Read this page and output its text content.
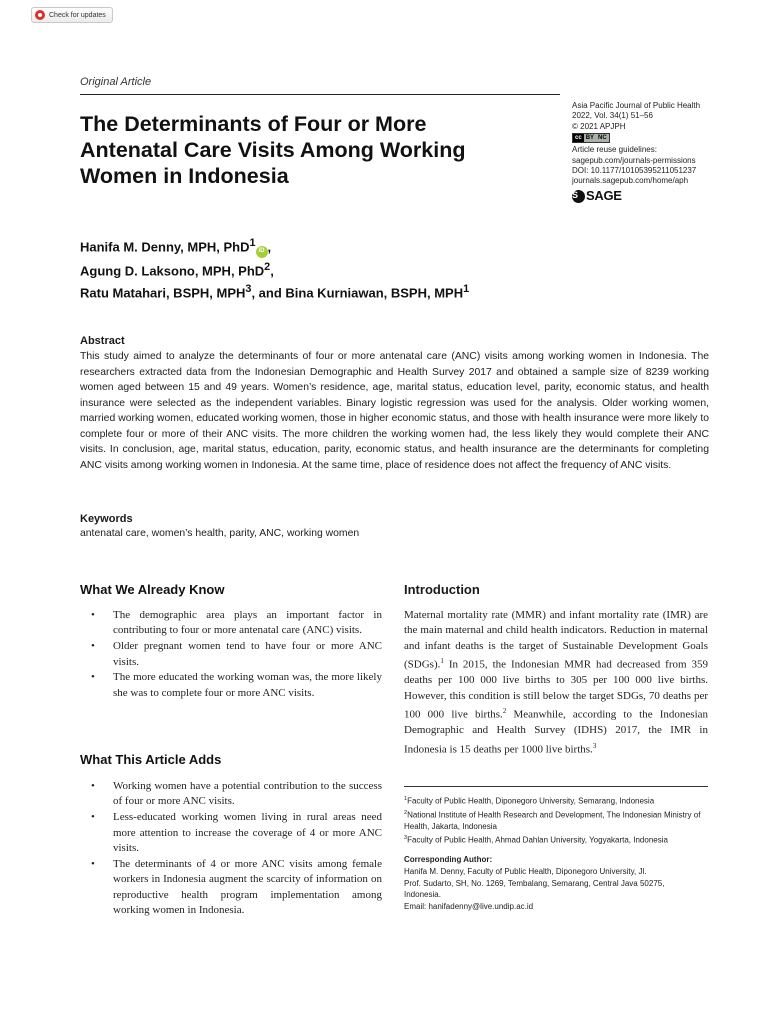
Check for updates
Original Article
The Determinants of Four or More
Antenatal Care Visits Among Working
Women in Indonesia
Asia Pacific Journal of Public Health
2022, Vol. 34(1) 51–56
© 2021 APJPH
cc BY NC
Article reuse guidelines:
sagepub.com/journals-permissions
DOI: 10.1177/10105395211051237
journals.sagepub.com/home/aph
S SAGE
Hanifa M. Denny, MPH, PhD$^1$iD ,
Agung D. Laksono, MPH, PhD$^2$,
Ratu Matahari, BSPH, MPH$^3$, and Bina Kurniawan, BSPH, MPH$^1$
Abstract

This study aimed to analyze the determinants of four or more antenatal care (ANC) visits among working women in Indonesia. The researchers extracted data from the Indonesian Demographic and Health Survey 2017 and obtained a sample size of 8239 working women aged between 15 and 49 years. Women’s residence, age, marital status, education level, parity, economic status, and health insurance were selected as the independent variables. Binary logistic regression was used for the analysis. Older working women, married working women, educated working women, those in higher economic status, and those with health insurance were more likely to complete four or more of their ANC visits. The more children the working women had, the less likely they would complete their ANC visits. In conclusion, age, marital status, education, parity, economic status, and health insurance are the determinants for completing ANC visits among working women in Indonesia. At the same time, place of residence does not affect the frequency of ANC visits.

Keywords

antenatal care, women’s health, parity, ANC, working women

What We Already Know
• The demographic area plays an important factor in contributing to four or more antenatal care (ANC) visits.
• Older pregnant women tend to have four or more ANC visits.
• The more educated the working woman was, the more likely she was to complete four or more ANC visits.
What This Article Adds
• Working women have a potential contribution to the success of four or more ANC visits.
• Less-educated working women living in rural areas need more attention to increase the coverage of 4 or more ANC visits.
• The determinants of 4 or more ANC visits among female workers in Indonesia augment the scarcity of information on reproductive health program implementation among working women in Indonesia.
Introduction

Maternal mortality rate (MMR) and infant mortality rate (IMR) are the main maternal and child health indicators. Reduction in maternal and infant deaths is the target of Sustainable Development Goals (SDGs).$^1$ In 2015, the Indonesian MMR had decreased from 359 deaths per 100 000 live births to 305 per 100 000 live births. However, this condition is still below the target SDGs, 70 deaths per 100 000 live births.$^2$ Meanwhile, according to the Indonesian Demographic and Health Survey (IDHS) 2017, the IMR in Indonesia is 15 deaths per 1000 live births.$^3$

$^1$Faculty of Public Health, Diponegoro University, Semarang, Indonesia

$^2$National Institute of Health Research and Development, The Indonesian Ministry of Health, Jakarta, Indonesia

$^3$Faculty of Public Health, Ahmad Dahlan University, Yogyakarta, Indonesia

Corresponding Author:
Hanifa M. Denny, Faculty of Public Health, Diponegoro University, Jl.
Prof. Sudarto, SH, No. 1269, Tembalang, Semarang, Central Java 50275,
Indonesia.
Email: hanifadenny@live.undip.ac.id
